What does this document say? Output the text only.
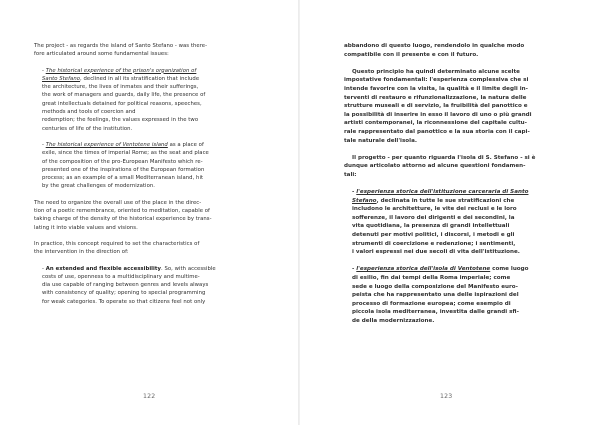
The project - as regards the island of Santo Stefano - was there-
fore articulated around some fundamental issues:

- The historical experience of the prison's organization of
Santo Stefano, declined in all its stratification that include
the architecture, the lives of inmates and their sufferings,
the work of managers and guards, daily life, the presence of
great intellectuals detained for political reasons, speeches,
methods and tools of coercion and
redemption; the feelings, the values expressed in the two
centuries of life of the institution.

- The historical experience of Ventotene island as a place of
exile, since the times of imperial Rome; as the seat and place
of the composition of the pro-European Manifesto which re-
presented one of the inspirations of the European formation
process; as an example of a small Mediterranean island, hit
by the great challenges of modernization.

The need to organize the overall use of the place in the direc-
tion of a poetic remembrance, oriented to meditation, capable of
taking charge of the density of the historical experience by trans-
lating it into viable values and visions.

In practice, this concept required to set the characteristics of
the intervention in the direction of:

- An extended and flexible accessibility. So, with accessible
costs of use, openness to a multidisciplinary and multime-
dia use capable of ranging between genres and levels always
with consistency of quality; opening to special programming
for weak categories. To operate so that citizens feel not only

122

abbandono di questo luogo, rendendolo in qualche modo
compatibile con il presente e con il futuro.

Questo principio ha quindi determinato alcune scelte
impostative fondamentali: l'esperienza complessiva che si
intende favorire con la visita, la qualità e il limite degli in-
terventi di restauro e rifunzionalizzazione, la natura delle
strutture museali e di servizio, la fruibilità del panottico e
la possibilità di inserire in esso il lavoro di uno o più grandi
artisti contemporanei, la riconnessione del capitale cultu-
rale rappresentato dal panottico e la sua storia con il capi-
tale naturale dell'isola.

Il progetto - per quanto riguarda l'isola di S. Stefano - si è
dunque articolato attorno ad alcune questioni fondamen-
tali:

- l'esperienza storica dell'istituzione carceraria di Santo
Stefano, declinata in tutte le sue stratificazioni che
includono le architetture, le vite dei reclusi e le loro
sofferenze, il lavoro dei dirigenti e dei secondini, la
vita quotidiana, la presenza di grandi intellettuali
detenuti per motivi politici, i discorsi, i metodi e gli
strumenti di coercizione e redenzione; i sentimenti,
i valori espressi nei due secoli di vita dell'istituzione.

- l'esperienza storica dell'isola di Ventotene come luogo
di esilio, fin dai tempi della Roma imperiale; come
sede e luogo della composizione del Manifesto euro-
peista che ha rappresentato una delle ispirazioni del
processo di formazione europea; come esempio di
piccola isola mediterranea, investita dalle grandi sfi-
de della modernizzazione.

123
